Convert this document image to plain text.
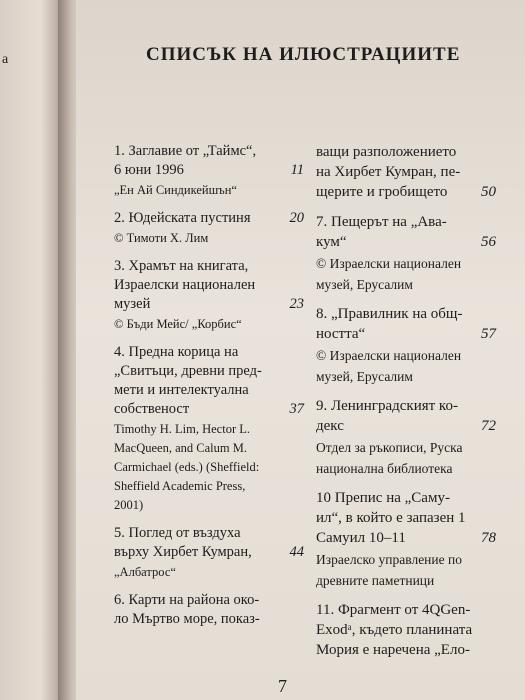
а	СПИСЪК НА ИЛЮСТРАЦИИТЕ
1. Заглавие от „Таймс“,
6 юни 1996	11
„Ен Ай Синдикейшън“
2. Юдейската пустиня	20
© Тимоти Х. Лим
3. Храмът на книгата,
Израелски национален
музей	23
© Бъди Мейс/ „Корбис“
4. Предна корица на
„Свитъци, древни пред-
мети и интелектуална
собственост	37
Timothy H. Lim, Hector L.
MacQueen, and Calum M.
Carmichael (eds.) (Sheffield:
Sheffield Academic Press,
2001)
5. Поглед от въздуха
върху Хирбет Кумран,	44
„Албатрос“
6. Карти на района око-
ло Мъртво море, показ-
ващи разположението
на Хирбет Кумран, пе-
щерите и гробището 50
7. Пещерът на „Ава-
кум“	56
© Израелски национален
музей, Ерусалим
8. „Правилник на общ-
ността“	57
© Израелски национален
музей, Ерусалим
9. Ленинградският ко-
декс	72
Отдел за ръкописи, Руска
национална библиотека
10 Препис на „Саму-
ил“, в който е запазен 1
Самуил 10–11	78
Израелско управление по
древните паметници
11. Фрагмент от 4QGen-
Exodᵃ, където планината
Мория е наречена „Ело-
7
